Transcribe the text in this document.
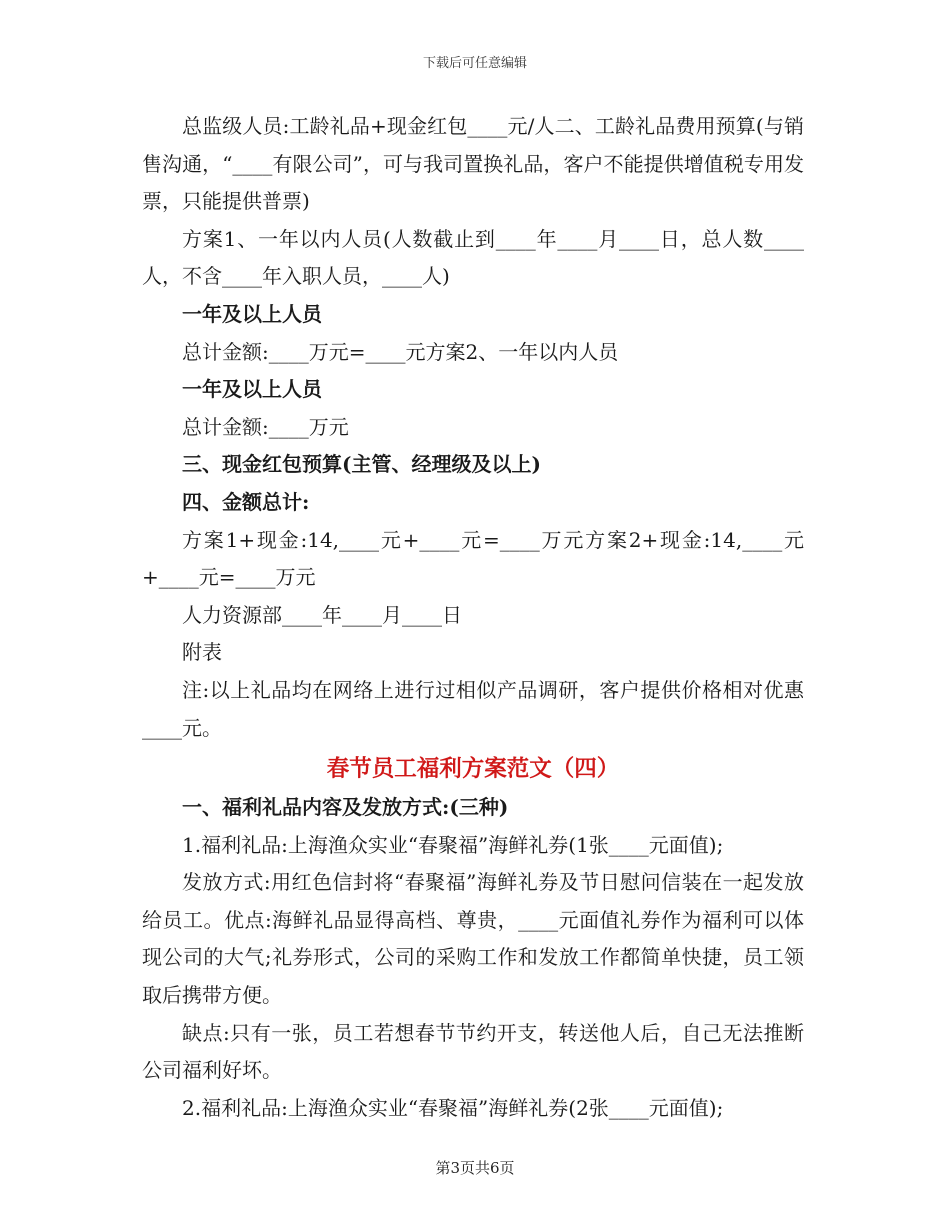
下载后可任意编辑

总监级人员:工龄礼品+现金红包____元/人二、工龄礼品费用预算(与销售沟通，“____有限公司”，可与我司置换礼品，客户不能提供增值税专用发票，只能提供普票)

方案1、一年以内人员(人数截止到____年____月____日，总人数____人，不含____年入职人员，____人)

一年及以上人员

总计金额:____万元=____元方案2、一年以内人员

一年及以上人员

总计金额:____万元

三、现金红包预算(主管、经理级及以上)

四、金额总计:

方案1+现金:14,____元+____元=____万元方案2+现金:14,____元+____元=____万元

人力资源部____年____月____日

附表

注:以上礼品均在网络上进行过相似产品调研，客户提供价格相对优惠____元。

春节员工福利方案范文（四）

一、福利礼品内容及发放方式:(三种)

1.福利礼品:上海渔众实业“春聚福”海鲜礼券(1张____元面值);

发放方式:用红色信封将“春聚福”海鲜礼券及节日慰问信装在一起发放给员工。优点:海鲜礼品显得高档、尊贵，____元面值礼券作为福利可以体现公司的大气;礼券形式，公司的采购工作和发放工作都简单快捷，员工领取后携带方便。

缺点:只有一张，员工若想春节节约开支，转送他人后，自己无法推断公司福利好坏。

2.福利礼品:上海渔众实业“春聚福”海鲜礼券(2张____元面值);

第3页共6页
